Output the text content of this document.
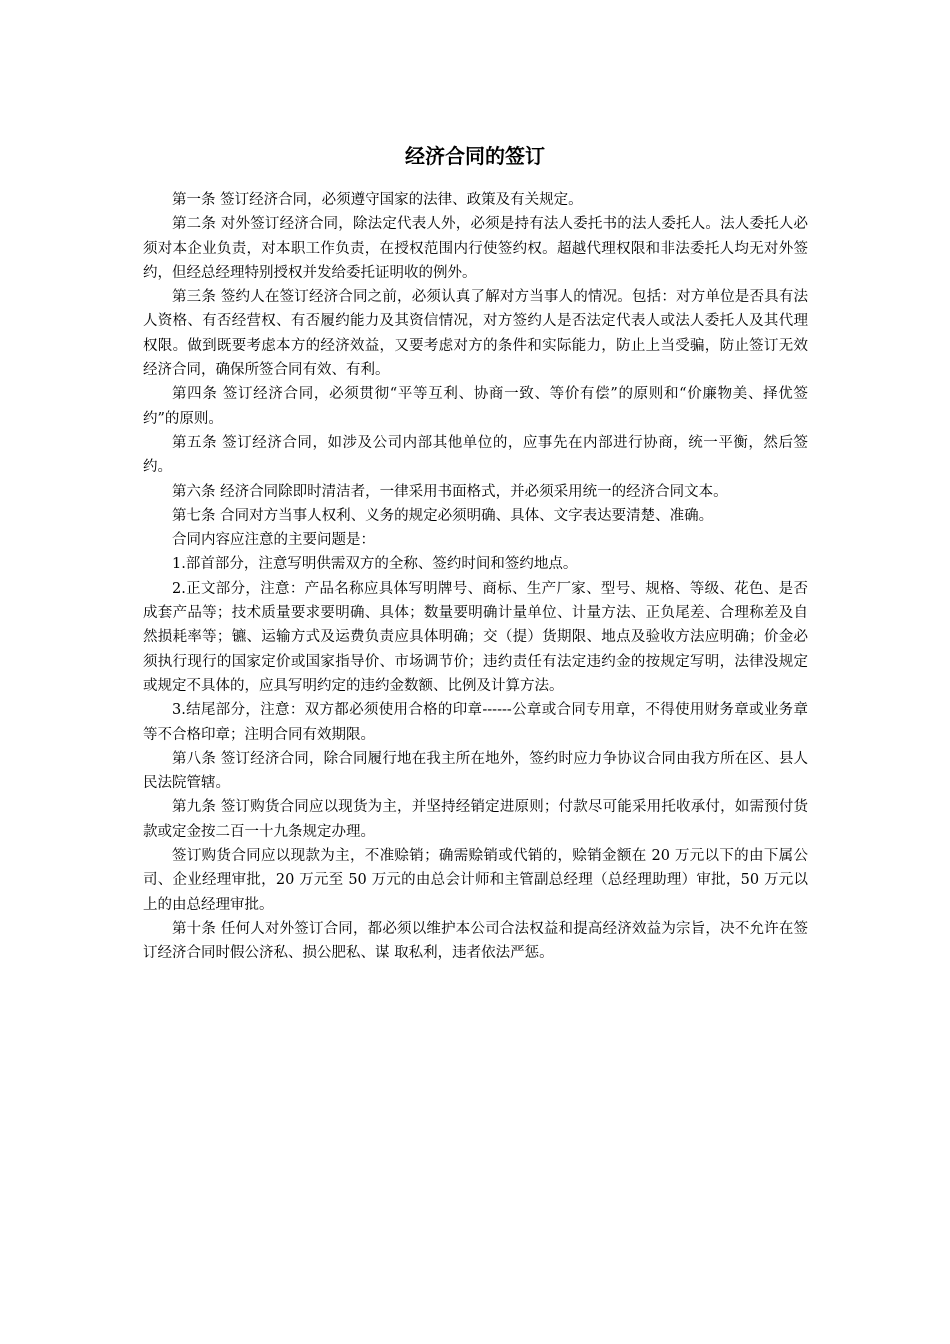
经济合同的签订

第一条 签订经济合同，必须遵守国家的法律、政策及有关规定。

第二条 对外签订经济合同，除法定代表人外，必须是持有法人委托书的法人委托人。法人委托人必须对本企业负责，对本职工作负责，在授权范围内行使签约权。超越代理权限和非法委托人均无对外签约，但经总经理特别授权并发给委托证明收的例外。

第三条 签约人在签订经济合同之前，必须认真了解对方当事人的情况。包括：对方单位是否具有法人资格、有否经营权、有否履约能力及其资信情况，对方签约人是否法定代表人或法人委托人及其代理权限。做到既要考虑本方的经济效益，又要考虑对方的条件和实际能力，防止上当受骗，防止签订无效经济合同，确保所签合同有效、有利。

第四条 签订经济合同，必须贯彻“平等互利、协商一致、等价有偿”的原则和“价廉物美、择优签约”的原则。

第五条 签订经济合同，如涉及公司内部其他单位的，应事先在内部进行协商，统一平衡，然后签约。

第六条 经济合同除即时清洁者，一律采用书面格式，并必须采用统一的经济合同文本。

第七条 合同对方当事人权利、义务的规定必须明确、具体、文字表达要清楚、准确。

合同内容应注意的主要问题是：

1.部首部分，注意写明供需双方的全称、签约时间和签约地点。

2.正文部分，注意：产品名称应具体写明牌号、商标、生产厂家、型号、规格、等级、花色、是否成套产品等；技术质量要求要明确、具体；数量要明确计量单位、计量方法、正负尾差、合理称差及自然损耗率等；镳、运输方式及运费负责应具体明确；交（提）货期限、地点及验收方法应明确；价金必须执行现行的国家定价或国家指导价、市场调节价；违约责任有法定违约金的按规定写明，法律没规定或规定不具体的，应具写明约定的违约金数额、比例及计算方法。

3.结尾部分，注意：双方都必须使用合格的印章------公章或合同专用章，不得使用财务章或业务章等不合格印章；注明合同有效期限。

第八条 签订经济合同，除合同履行地在我主所在地外，签约时应力争协议合同由我方所在区、县人民法院管辖。

第九条 签订购货合同应以现货为主，并坚持经销定进原则；付款尽可能采用托收承付，如需预付货款或定金按二百一十九条规定办理。

签订购货合同应以现款为主，不准赊销；确需赊销或代销的，赊销金额在 20 万元以下的由下属公司、企业经理审批，20 万元至 50 万元的由总会计师和主管副总经理（总经理助理）审批，50 万元以上的由总经理审批。

第十条 任何人对外签订合同，都必须以维护本公司合法权益和提高经济效益为宗旨，决不允许在签订经济合同时假公济私、损公肥私、谋 取私利，违者依法严惩。
